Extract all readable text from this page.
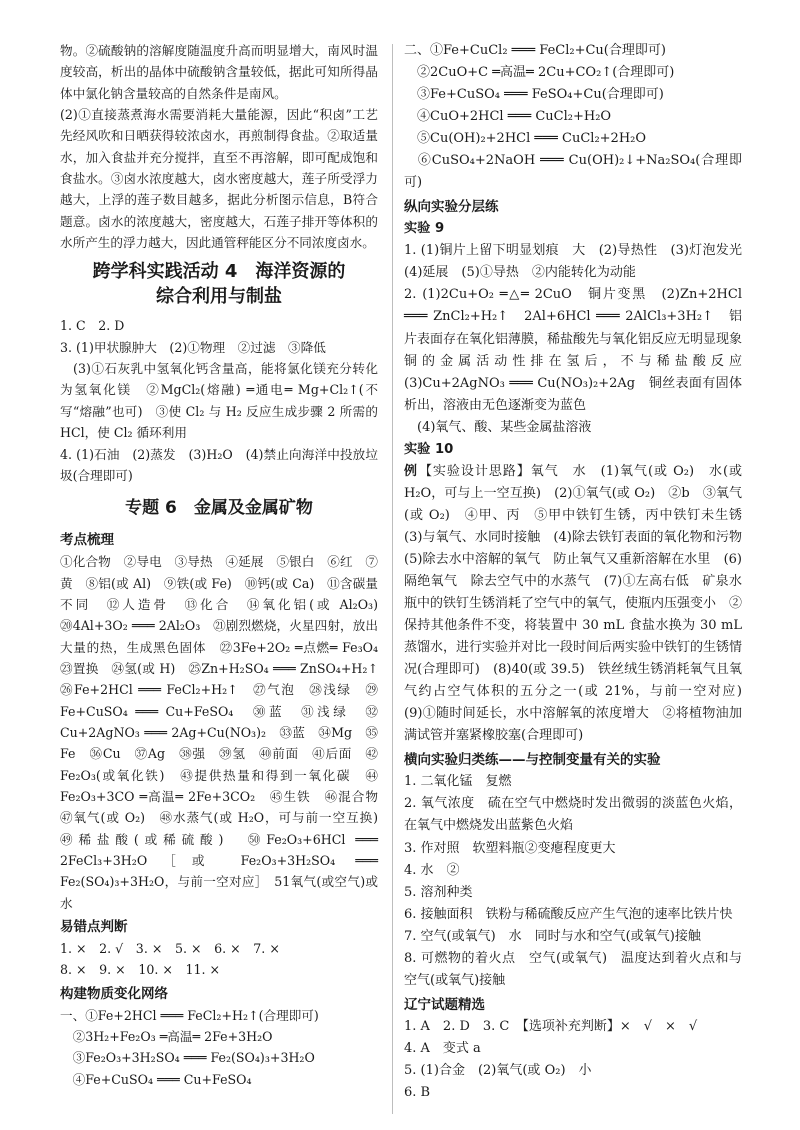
物。②硫酸钠的溶解度随温度升高而明显增大，南风时温度较高，析出的晶体中硫酸钠含量较低，据此可知所得晶体中氯化钠含量较高的自然条件是南风。

(2)①直接蒸煮海水需要消耗大量能源，因此“积卤”工艺先经风吹和日晒获得较浓卤水，再煎制得食盐。②取适量水，加入食盐并充分搅拌，直至不再溶解，即可配成饱和食盐水。③卤水浓度越大，卤水密度越大，莲子所受浮力越大，上浮的莲子数目越多，据此分析图示信息，B符合题意。卤水的浓度越大，密度越大，石莲子排开等体积的水所产生的浮力越大，因此通管秤能区分不同浓度卤水。

跨学科实践活动 4　海洋资源的
综合利用与制盐

1. C　2. D

3. (1)甲状腺肿大　(2)①物理　②过滤　③降低

　(3)①石灰乳中氢氧化钙含量高，能将氯化镁充分转化为氢氧化镁　②MgCl₂(熔融) ═通电═ Mg+Cl₂↑(不写“熔融”也可)　③使 Cl₂ 与 H₂ 反应生成步骤 2 所需的 HCl，使 Cl₂ 循环利用

4. (1)石油　(2)蒸发　(3)H₂O　(4)禁止向海洋中投放垃圾(合理即可)

专题 6　金属及金属矿物

考点梳理

①化合物　②导电　③导热　④延展　⑤银白　⑥红　⑦黄　⑧铝(或 Al)　⑨铁(或 Fe)　⑩钙(或 Ca)　⑪含碳量不同　⑫人造骨　⑬化合　⑭氧化铝(或 Al₂O₃)　⑳4Al+3O₂ ═══ 2Al₂O₃　㉑剧烈燃烧，火星四射，放出大量的热，生成黑色固体　㉒3Fe+2O₂ ═点燃═ Fe₃O₄　㉓置换　㉔氢(或 H)　㉕Zn+H₂SO₄ ═══ ZnSO₄+H₂↑　㉖Fe+2HCl ═══ FeCl₂+H₂↑　㉗气泡　㉘浅绿　㉙Fe+CuSO₄ ═══ Cu+FeSO₄　㉚蓝　㉛浅绿　㉜Cu+2AgNO₃ ═══ 2Ag+Cu(NO₃)₂　㉝蓝　㉞Mg　㉟Fe　㊱Cu　㊲Ag　㊳强　㊴氢　㊵前面　㊶后面　㊷Fe₂O₃(或氧化铁)　㊸提供热量和得到一氧化碳　㊹Fe₂O₃+3CO ═高温═ 2Fe+3CO₂　㊺生铁　㊻混合物　㊼氧气(或 O₂)　㊽水蒸气(或 H₂O，可与前一空互换)　㊾稀盐酸(或稀硫酸)　㊿Fe₂O₃+6HCl ═══ 2FeCl₃+3H₂O［或 Fe₂O₃+3H₂SO₄ ═══ Fe₂(SO₄)₃+3H₂O，与前一空对应］　51氧气(或空气)或水

易错点判断

1. ×　2. √　3. ×　5. ×　6. ×　7. ×

8. ×　9. ×　10. ×　11. ×

构建物质变化网络

一、①Fe+2HCl ═══ FeCl₂+H₂↑(合理即可)

　②3H₂+Fe₂O₃ ═高温═ 2Fe+3H₂O

　③Fe₂O₃+3H₂SO₄ ═══ Fe₂(SO₄)₃+3H₂O

　④Fe+CuSO₄ ═══ Cu+FeSO₄

二、①Fe+CuCl₂ ═══ FeCl₂+Cu(合理即可)

　②2CuO+C ═高温═ 2Cu+CO₂↑(合理即可)

　③Fe+CuSO₄ ═══ FeSO₄+Cu(合理即可)

　④CuO+2HCl ═══ CuCl₂+H₂O

　⑤Cu(OH)₂+2HCl ═══ CuCl₂+2H₂O

　⑥CuSO₄+2NaOH ═══ Cu(OH)₂↓+Na₂SO₄(合理即可)

纵向实验分层练

实验 9

1. (1)铜片上留下明显划痕　大　(2)导热性　(3)灯泡发光　(4)延展　(5)①导热　②内能转化为动能

2. (1)2Cu+O₂ ═△═ 2CuO　铜片变黑　(2)Zn+2HCl ═══ ZnCl₂+H₂↑　2Al+6HCl ═══ 2AlCl₃+3H₂↑　铝片表面存在氧化铝薄膜，稀盐酸先与氧化铝反应无明显现象　铜的金属活动性排在氢后，不与稀盐酸反应　(3)Cu+2AgNO₃ ═══ Cu(NO₃)₂+2Ag　铜丝表面有固体析出，溶液由无色逐渐变为蓝色

　(4)氧气、酸、某些金属盐溶液

实验 10

例【实验设计思路】氧气　水　(1)氧气(或 O₂)　水(或 H₂O，可与上一空互换)　(2)①氧气(或 O₂)　②b　③氧气(或 O₂)　④甲、丙　⑤甲中铁钉生锈，丙中铁钉未生锈　(3)与氧气、水同时接触　(4)除去铁钉表面的氧化物和污物　(5)除去水中溶解的氧气　防止氧气又重新溶解在水里　(6)隔绝氧气　除去空气中的水蒸气　(7)①左高右低　矿泉水瓶中的铁钉生锈消耗了空气中的氧气，使瓶内压强变小　②保持其他条件不变，将装置中 30 mL 食盐水换为 30 mL 蒸馏水，进行实验并对比一段时间后两实验中铁钉的生锈情况(合理即可)　(8)40(或 39.5)　铁丝绒生锈消耗氧气且氧气约占空气体积的五分之一(或 21%，与前一空对应)　(9)①随时间延长，水中溶解氧的浓度增大　②将植物油加满试管并塞紧橡胶塞(合理即可)

横向实验归类练——与控制变量有关的实验

1. 二氧化锰　复燃

2. 氧气浓度　硫在空气中燃烧时发出微弱的淡蓝色火焰，在氧气中燃烧发出蓝紫色火焰

3. 作对照　软塑料瓶②变瘪程度更大

4. 水　②

5. 溶剂种类

6. 接触面积　铁粉与稀硫酸反应产生气泡的速率比铁片快

7. 空气(或氧气)　水　同时与水和空气(或氧气)接触

8. 可燃物的着火点　空气(或氧气)　温度达到着火点和与空气(或氧气)接触

辽宁试题精选

1. A　2. D　3. C　【选项补充判断】×　√　×　√

4. A　变式 a

5. (1)合金　(2)氧气(或 O₂)　小

6. B
